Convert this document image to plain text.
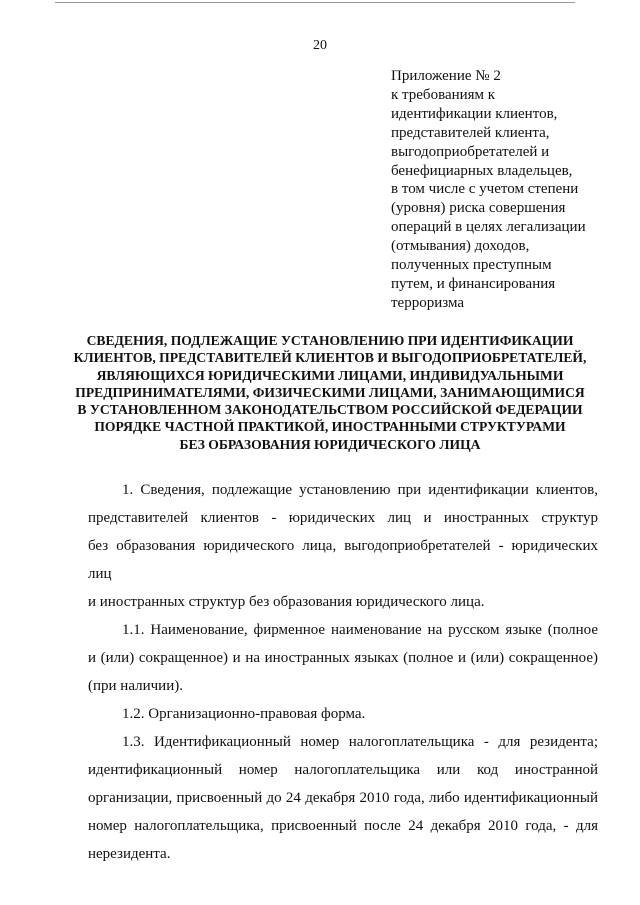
20
Приложение № 2
к требованиям к
идентификации клиентов,
представителей клиента,
выгодоприобретателей и
бенефициарных владельцев,
в том числе с учетом степени
(уровня) риска совершения
операций в целях легализации
(отмывания) доходов,
полученных преступным
путем, и финансирования
терроризма
СВЕДЕНИЯ, ПОДЛЕЖАЩИЕ УСТАНОВЛЕНИЮ ПРИ ИДЕНТИФИКАЦИИ
КЛИЕНТОВ, ПРЕДСТАВИТЕЛЕЙ КЛИЕНТОВ И ВЫГОДОПРИОБРЕТАТЕЛЕЙ,
ЯВЛЯЮЩИХСЯ ЮРИДИЧЕСКИМИ ЛИЦАМИ, ИНДИВИДУАЛЬНЫМИ
ПРЕДПРИНИМАТЕЛЯМИ, ФИЗИЧЕСКИМИ ЛИЦАМИ, ЗАНИМАЮЩИМИСЯ
В УСТАНОВЛЕННОМ ЗАКОНОДАТЕЛЬСТВОМ РОССИЙСКОЙ ФЕДЕРАЦИИ
ПОРЯДКЕ ЧАСТНОЙ ПРАКТИКОЙ, ИНОСТРАННЫМИ СТРУКТУРАМИ
БЕЗ ОБРАЗОВАНИЯ ЮРИДИЧЕСКОГО ЛИЦА
1. Сведения, подлежащие установлению при идентификации клиентов,
представителей клиентов - юридических лиц и иностранных структур
без образования юридического лица, выгодоприобретателей - юридических лиц
и иностранных структур без образования юридического лица.
1.1. Наименование, фирменное наименование на русском языке (полное
и (или) сокращенное) и на иностранных языках (полное и (или) сокращенное)
(при наличии).
1.2. Организационно-правовая форма.
1.3. Идентификационный номер налогоплательщика - для резидента;
идентификационный номер налогоплательщика или код иностранной
организации, присвоенный до 24 декабря 2010 года, либо идентификационный
номер налогоплательщика, присвоенный после 24 декабря 2010 года, - для
нерезидента.
